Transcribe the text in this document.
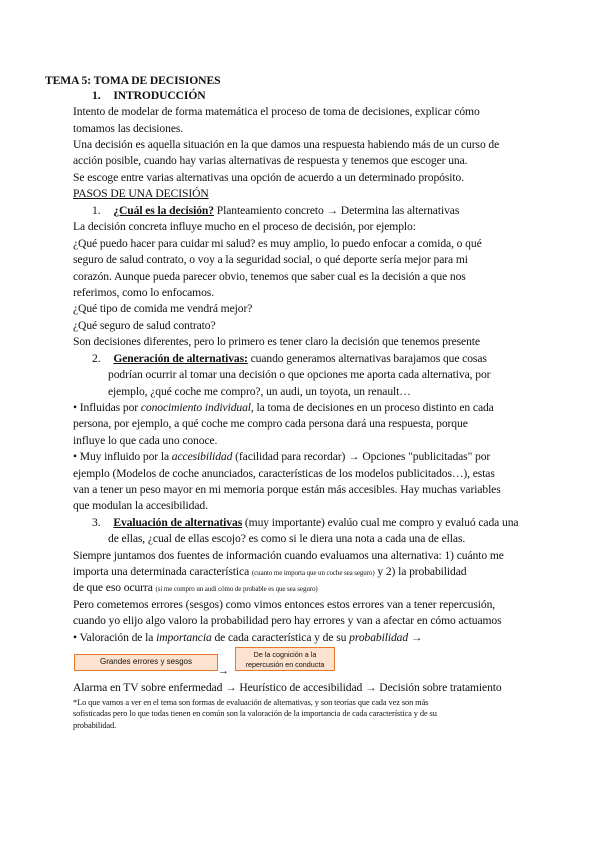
TEMA 5: TOMA DE DECISIONES
1. INTRODUCCIÓN
Intento de modelar de forma matemática el proceso de toma de decisiones, explicar cómo
tomamos las decisiones.
Una decisión es aquella situación en la que damos una respuesta habiendo más de un curso de
acción posible, cuando hay varias alternativas de respuesta y tenemos que escoger una.
Se escoge entre varias alternativas una opción de acuerdo a un determinado propósito.
PASOS DE UNA DECISIÓN
1. ¿Cuál es la decisión? Planteamiento concreto → Determina las alternativas
La decisión concreta influye mucho en el proceso de decisión, por ejemplo:
¿Qué puedo hacer para cuidar mi salud? es muy amplio, lo puedo enfocar a comida, o qué
seguro de salud contrato, o voy a la seguridad social, o qué deporte sería mejor para mi
corazón. Aunque pueda parecer obvio, tenemos que saber cual es la decisión a que nos
referimos, como lo enfocamos.
¿Qué tipo de comida me vendrá mejor?
¿Qué seguro de salud contrato?
Son decisiones diferentes, pero lo primero es tener claro la decisión que tenemos presente
2. Generación de alternativas: cuando generamos alternativas barajamos que cosas
podrían ocurrir al tomar una decisión o que opciones me aporta cada alternativa, por
ejemplo, ¿qué coche me compro?, un audi, un toyota, un renault…
• Influidas por conocimiento individual, la toma de decisiones en un proceso distinto en cada
persona, por ejemplo, a qué coche me compro cada persona dará una respuesta, porque
influye lo que cada uno conoce.
• Muy influido por la accesibilidad (facilidad para recordar) → Opciones "publicitadas" por
ejemplo (Modelos de coche anunciados, características de los modelos publicitados…), estas
van a tener un peso mayor en mi memoria porque están más accesibles. Hay muchas variables
que modulan la accesibilidad.
3. Evaluación de alternativas (muy importante) evalúo cual me compro y evaluó cada una
de ellas, ¿cual de ellas escojo? es como si le diera una nota a cada una de ellas.
Siempre juntamos dos fuentes de información cuando evaluamos una alternativa: 1) cuánto me
importa una determinada característica (cuanto me importa que un coche sea seguro) y 2) la probabilidad
de que eso ocurra (si me compro un audi cómo de probable es que sea seguro)
Pero cometemos errores (sesgos) como vimos entonces estos errores van a tener repercusión,
cuando yo elijo algo valoro la probabilidad pero hay errores y van a afectar en cómo actuamos
• Valoración de la importancia de cada característica y de su probabilidad →
Grandes errores y sesgos
→
De la cognición a la
repercusión en conducta
Alarma en TV sobre enfermedad → Heurístico de accesibilidad → Decisión sobre tratamiento
*Lo que vamos a ver en el tema son formas de evaluación de alternativas, y son teorías que cada vez son más
sofisticadas pero lo que todas tienen en común son la valoración de la importancia de cada característica y de su
probabilidad.
